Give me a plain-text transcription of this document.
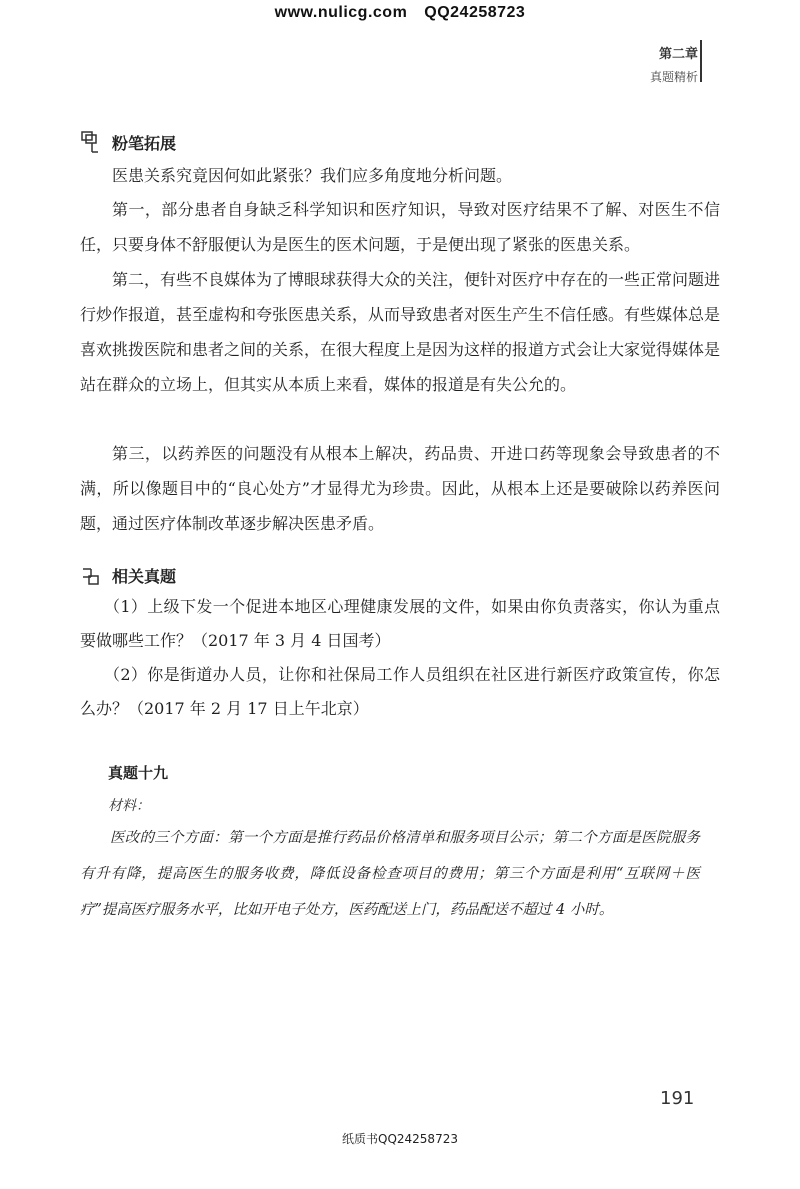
www.nulicg.com QQ24258723
第二章
真题精析
粉笔拓展

医患关系究竟因何如此紧张？我们应多角度地分析问题。

第一，部分患者自身缺乏科学知识和医疗知识，导致对医疗结果不了解、对医生不信任，只要身体不舒服便认为是医生的医术问题，于是便出现了紧张的医患关系。

第二，有些不良媒体为了博眼球获得大众的关注，便针对医疗中存在的一些正常问题进行炒作报道，甚至虚构和夸张医患关系，从而导致患者对医生产生不信任感。有些媒体总是喜欢挑拨医院和患者之间的关系，在很大程度上是因为这样的报道方式会让大家觉得媒体是站在群众的立场上，但其实从本质上来看，媒体的报道是有失公允的。

第三，以药养医的问题没有从根本上解决，药品贵、开进口药等现象会导致患者的不满，所以像题目中的“良心处方”才显得尤为珍贵。因此，从根本上还是要破除以药养医问题，通过医疗体制改革逐步解决医患矛盾。

相关真题

（1）上级下发一个促进本地区心理健康发展的文件，如果由你负责落实，你认为重点要做哪些工作？（2017 年 3 月 4 日国考）

（2）你是街道办人员，让你和社保局工作人员组织在社区进行新医疗政策宣传，你怎么办？（2017 年 2 月 17 日上午北京）

真题十九
材料：

医改的三个方面：第一个方面是推行药品价格清单和服务项目公示；第二个方面是医院服务有升有降，提高医生的服务收费，降低设备检查项目的费用；第三个方面是利用“互联网＋医疗”提高医疗服务水平，比如开电子处方，医药配送上门，药品配送不超过 4 小时。

191
纸质书QQ24258723
